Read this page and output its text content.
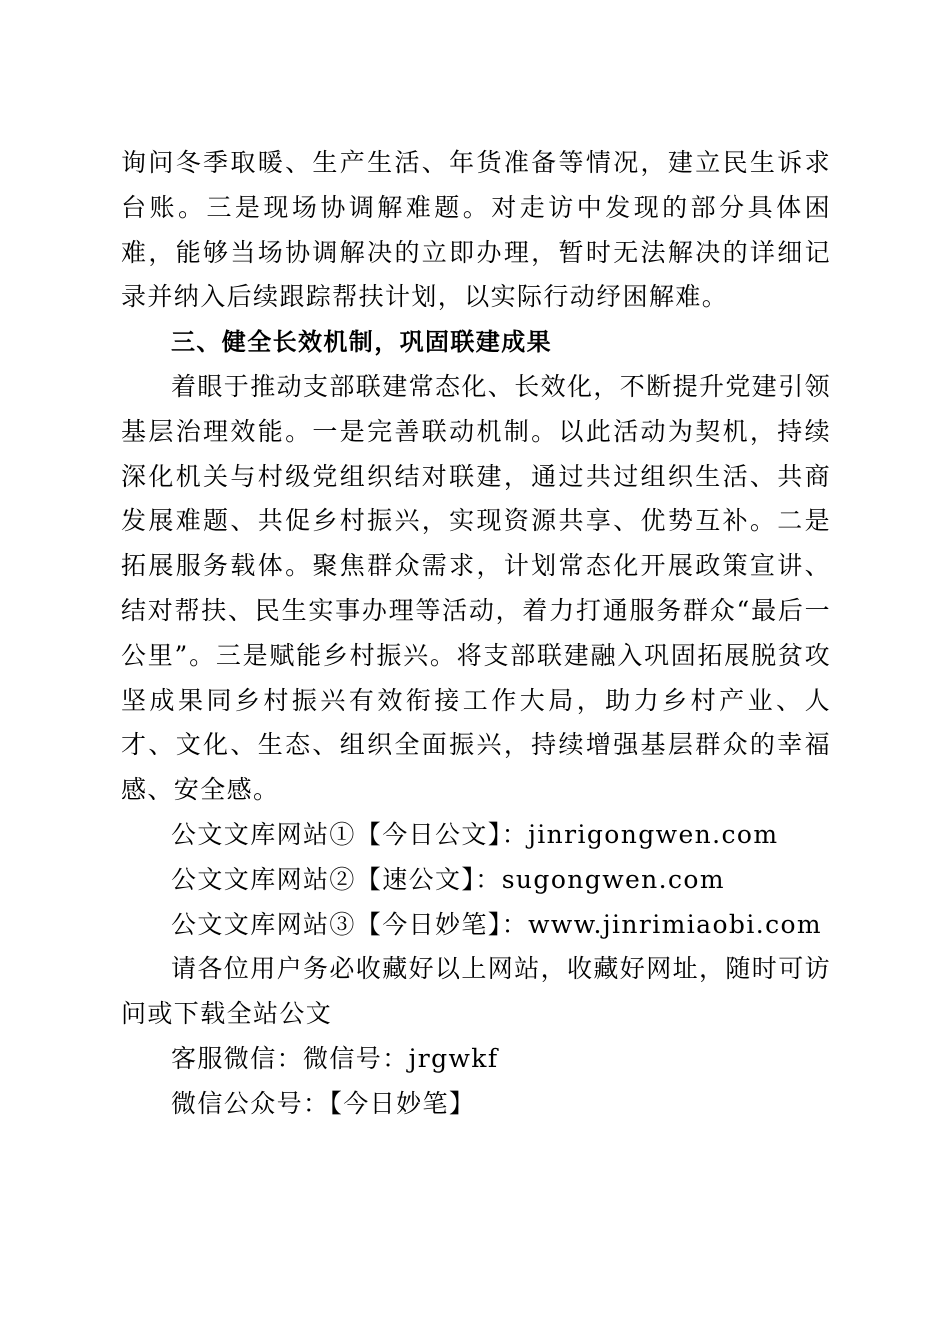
询问冬季取暖、生产生活、年货准备等情况，建立民生诉求台账。三是现场协调解难题。对走访中发现的部分具体困难，能够当场协调解决的立即办理，暂时无法解决的详细记录并纳入后续跟踪帮扶计划，以实际行动纾困解难。

三、健全长效机制，巩固联建成果

着眼于推动支部联建常态化、长效化，不断提升党建引领基层治理效能。一是完善联动机制。以此活动为契机，持续深化机关与村级党组织结对联建，通过共过组织生活、共商发展难题、共促乡村振兴，实现资源共享、优势互补。二是拓展服务载体。聚焦群众需求，计划常态化开展政策宣讲、结对帮扶、民生实事办理等活动，着力打通服务群众“最后一公里”。三是赋能乡村振兴。将支部联建融入巩固拓展脱贫攻坚成果同乡村振兴有效衔接工作大局，助力乡村产业、人才、文化、生态、组织全面振兴，持续增强基层群众的幸福感、安全感。

公文文库网站①【今日公文】：jinrigongwen.com

公文文库网站②【速公文】：sugongwen.com

公文文库网站③【今日妙笔】：www.jinrimiaobi.com

请各位用户务必收藏好以上网站，收藏好网址，随时可访问或下载全站公文

客服微信：微信号：jrgwkf

微信公众号：【今日妙笔】
